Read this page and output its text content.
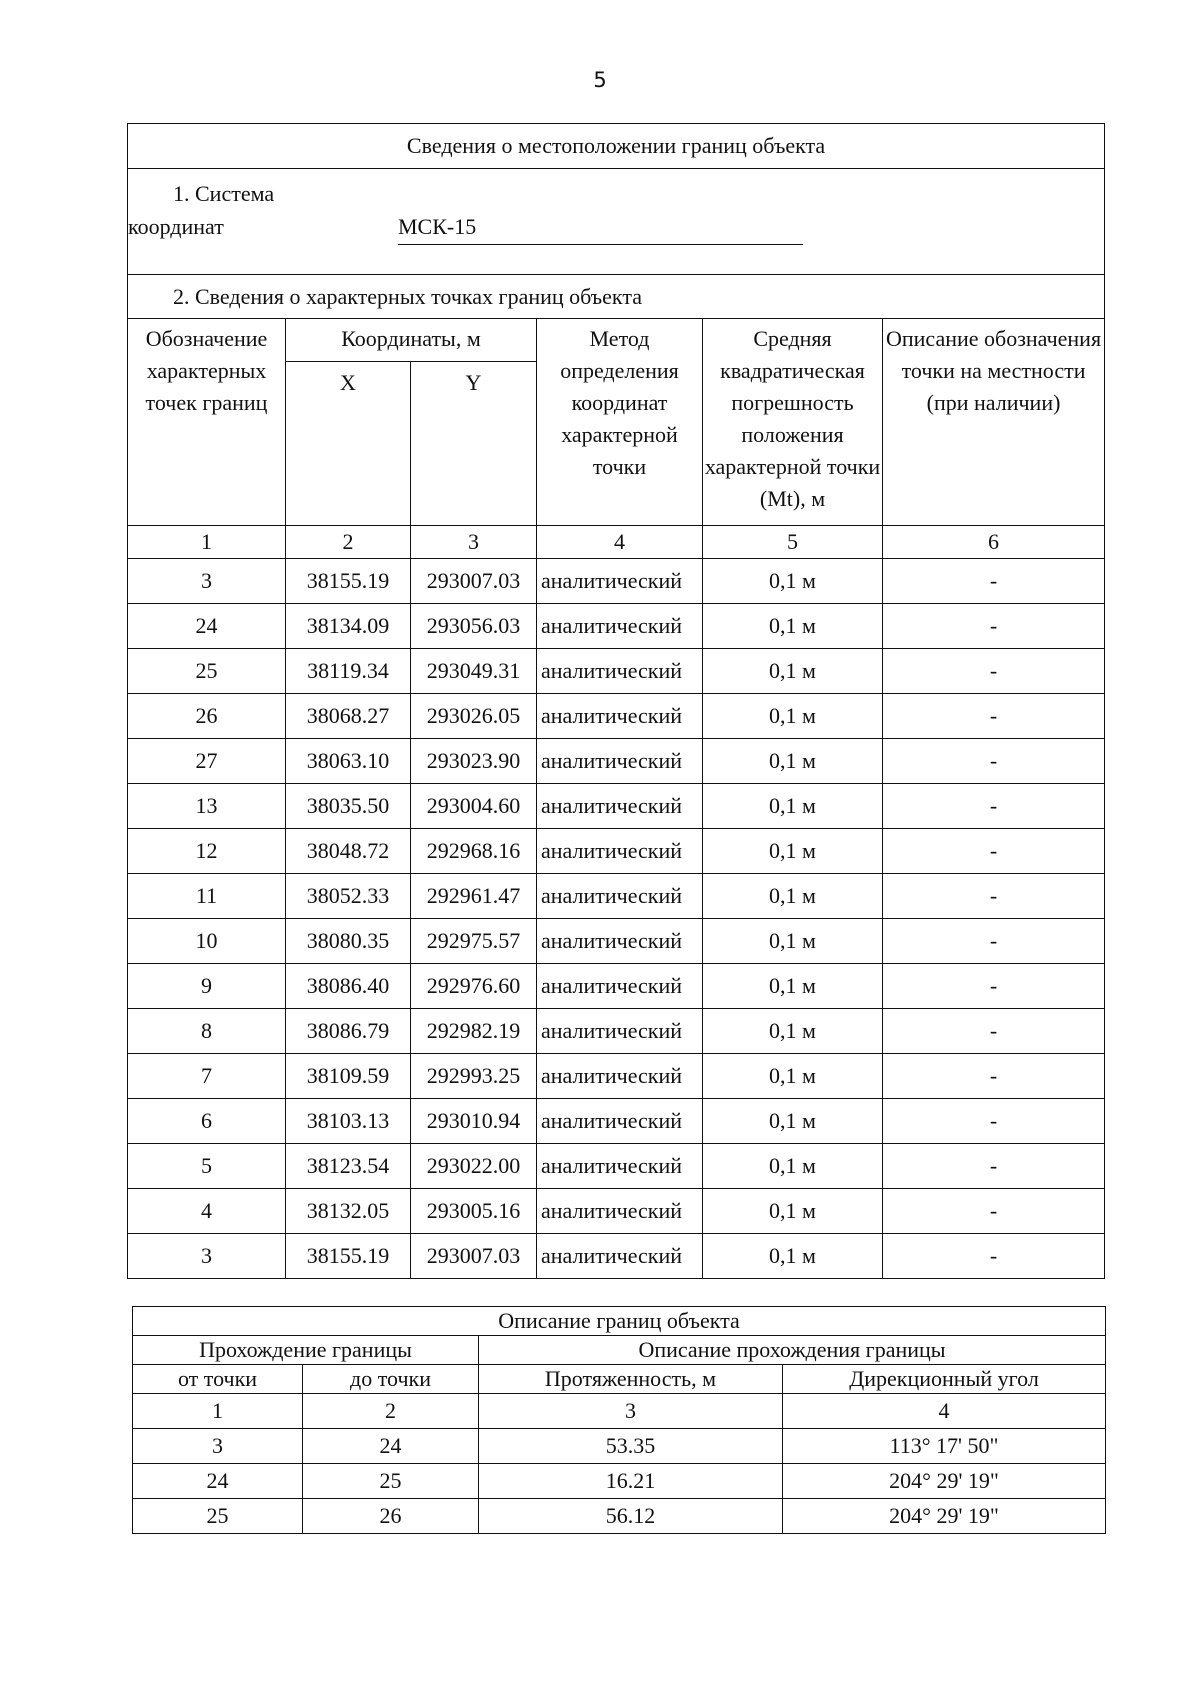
5
Сведения о местоположении границ объекта					

1. Система
координат МСК-15					

2. Сведения о характерных точках границ объекта					
Обозначение характерных точек границ	Координаты, м		Метод определения координат характерной точки	Средняя квадратическая погрешность положения характерной точки (Mt), м	Описание обозначения точки на местности (при наличии)
	X	Y			
1	2	3	4	5	6
3	38155.19	293007.03	аналитический	0,1 м	-
24	38134.09	293056.03	аналитический	0,1 м	-
25	38119.34	293049.31	аналитический	0,1 м	-
26	38068.27	293026.05	аналитический	0,1 м	-
27	38063.10	293023.90	аналитический	0,1 м	-
13	38035.50	293004.60	аналитический	0,1 м	-
12	38048.72	292968.16	аналитический	0,1 м	-
11	38052.33	292961.47	аналитический	0,1 м	-
10	38080.35	292975.57	аналитический	0,1 м	-
9	38086.40	292976.60	аналитический	0,1 м	-
8	38086.79	292982.19	аналитический	0,1 м	-
7	38109.59	292993.25	аналитический	0,1 м	-
6	38103.13	293010.94	аналитический	0,1 м	-
5	38123.54	293022.00	аналитический	0,1 м	-
4	38132.05	293005.16	аналитический	0,1 м	-
3	38155.19	293007.03	аналитический	0,1 м	-
Описание границ объекта			
Прохождение границы		Описание прохождения границы	
от точки	до точки	Протяженность, м	Дирекционный угол
1	2	3	4
3	24	53.35	113° 17' 50"
24	25	16.21	204° 29' 19"
25	26	56.12	204° 29' 19"
